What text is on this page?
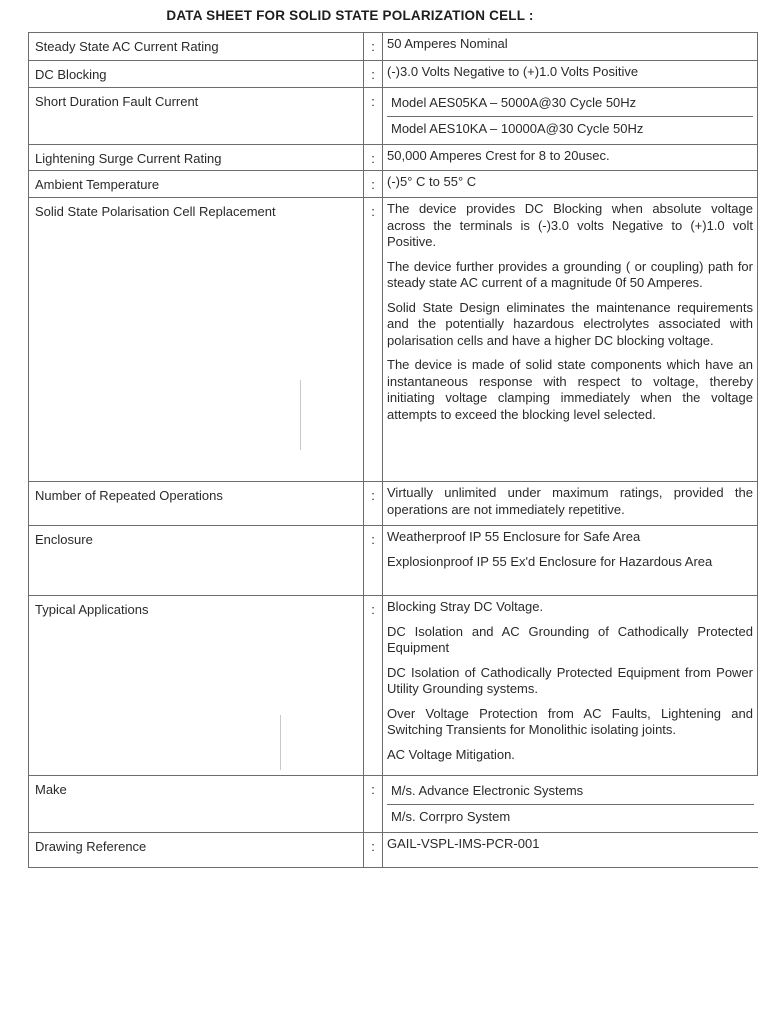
DATA SHEET FOR SOLID STATE POLARIZATION CELL :
Steady State AC Current Rating	:	50 Amperes Nominal

DC Blocking	:	(-)3.0 Volts Negative to (+)1.0 Volts Positive

Short Duration Fault Current	:	Model AES05KA – 5000A@30 Cycle 50Hz
Model AES10KA – 10000A@30 Cycle 50Hz

Lightening Surge Current Rating	:	50,000 Amperes Crest for 8 to 20usec.

Ambient Temperature	:	(-)5° C to 55° C

Solid State Polarisation Cell Replacement	:	The device provides DC Blocking when absolute voltage across the terminals is (-)3.0 volts Negative to (+)1.0 volt Positive.

The device further provides a grounding ( or coupling) path for steady state AC current of a magnitude 0f 50 Amperes.

Solid State Design eliminates the maintenance requirements and the potentially hazardous electrolytes associated with polarisation cells and have a higher DC blocking voltage.

The device is made of solid state components which have an instantaneous response with respect to voltage, thereby initiating voltage clamping immediately when the voltage attempts to exceed the blocking level selected.

Number of Repeated Operations	:	Virtually unlimited under maximum ratings, provided the operations are not immediately repetitive.

Enclosure	:	Weatherproof IP 55 Enclosure for Safe Area

Explosionproof IP 55 Ex'd Enclosure for Hazardous Area

Typical Applications	:	Blocking Stray DC Voltage.

DC Isolation and AC Grounding of Cathodically Protected Equipment

DC Isolation of Cathodically Protected Equipment from Power Utility Grounding systems.

Over Voltage Protection from AC Faults, Lightening and Switching Transients for Monolithic isolating joints.

AC Voltage Mitigation.

Make	:	M/s. Advance Electronic Systems
M/s. Corrpro System

Drawing Reference	:	GAIL-VSPL-IMS-PCR-001
